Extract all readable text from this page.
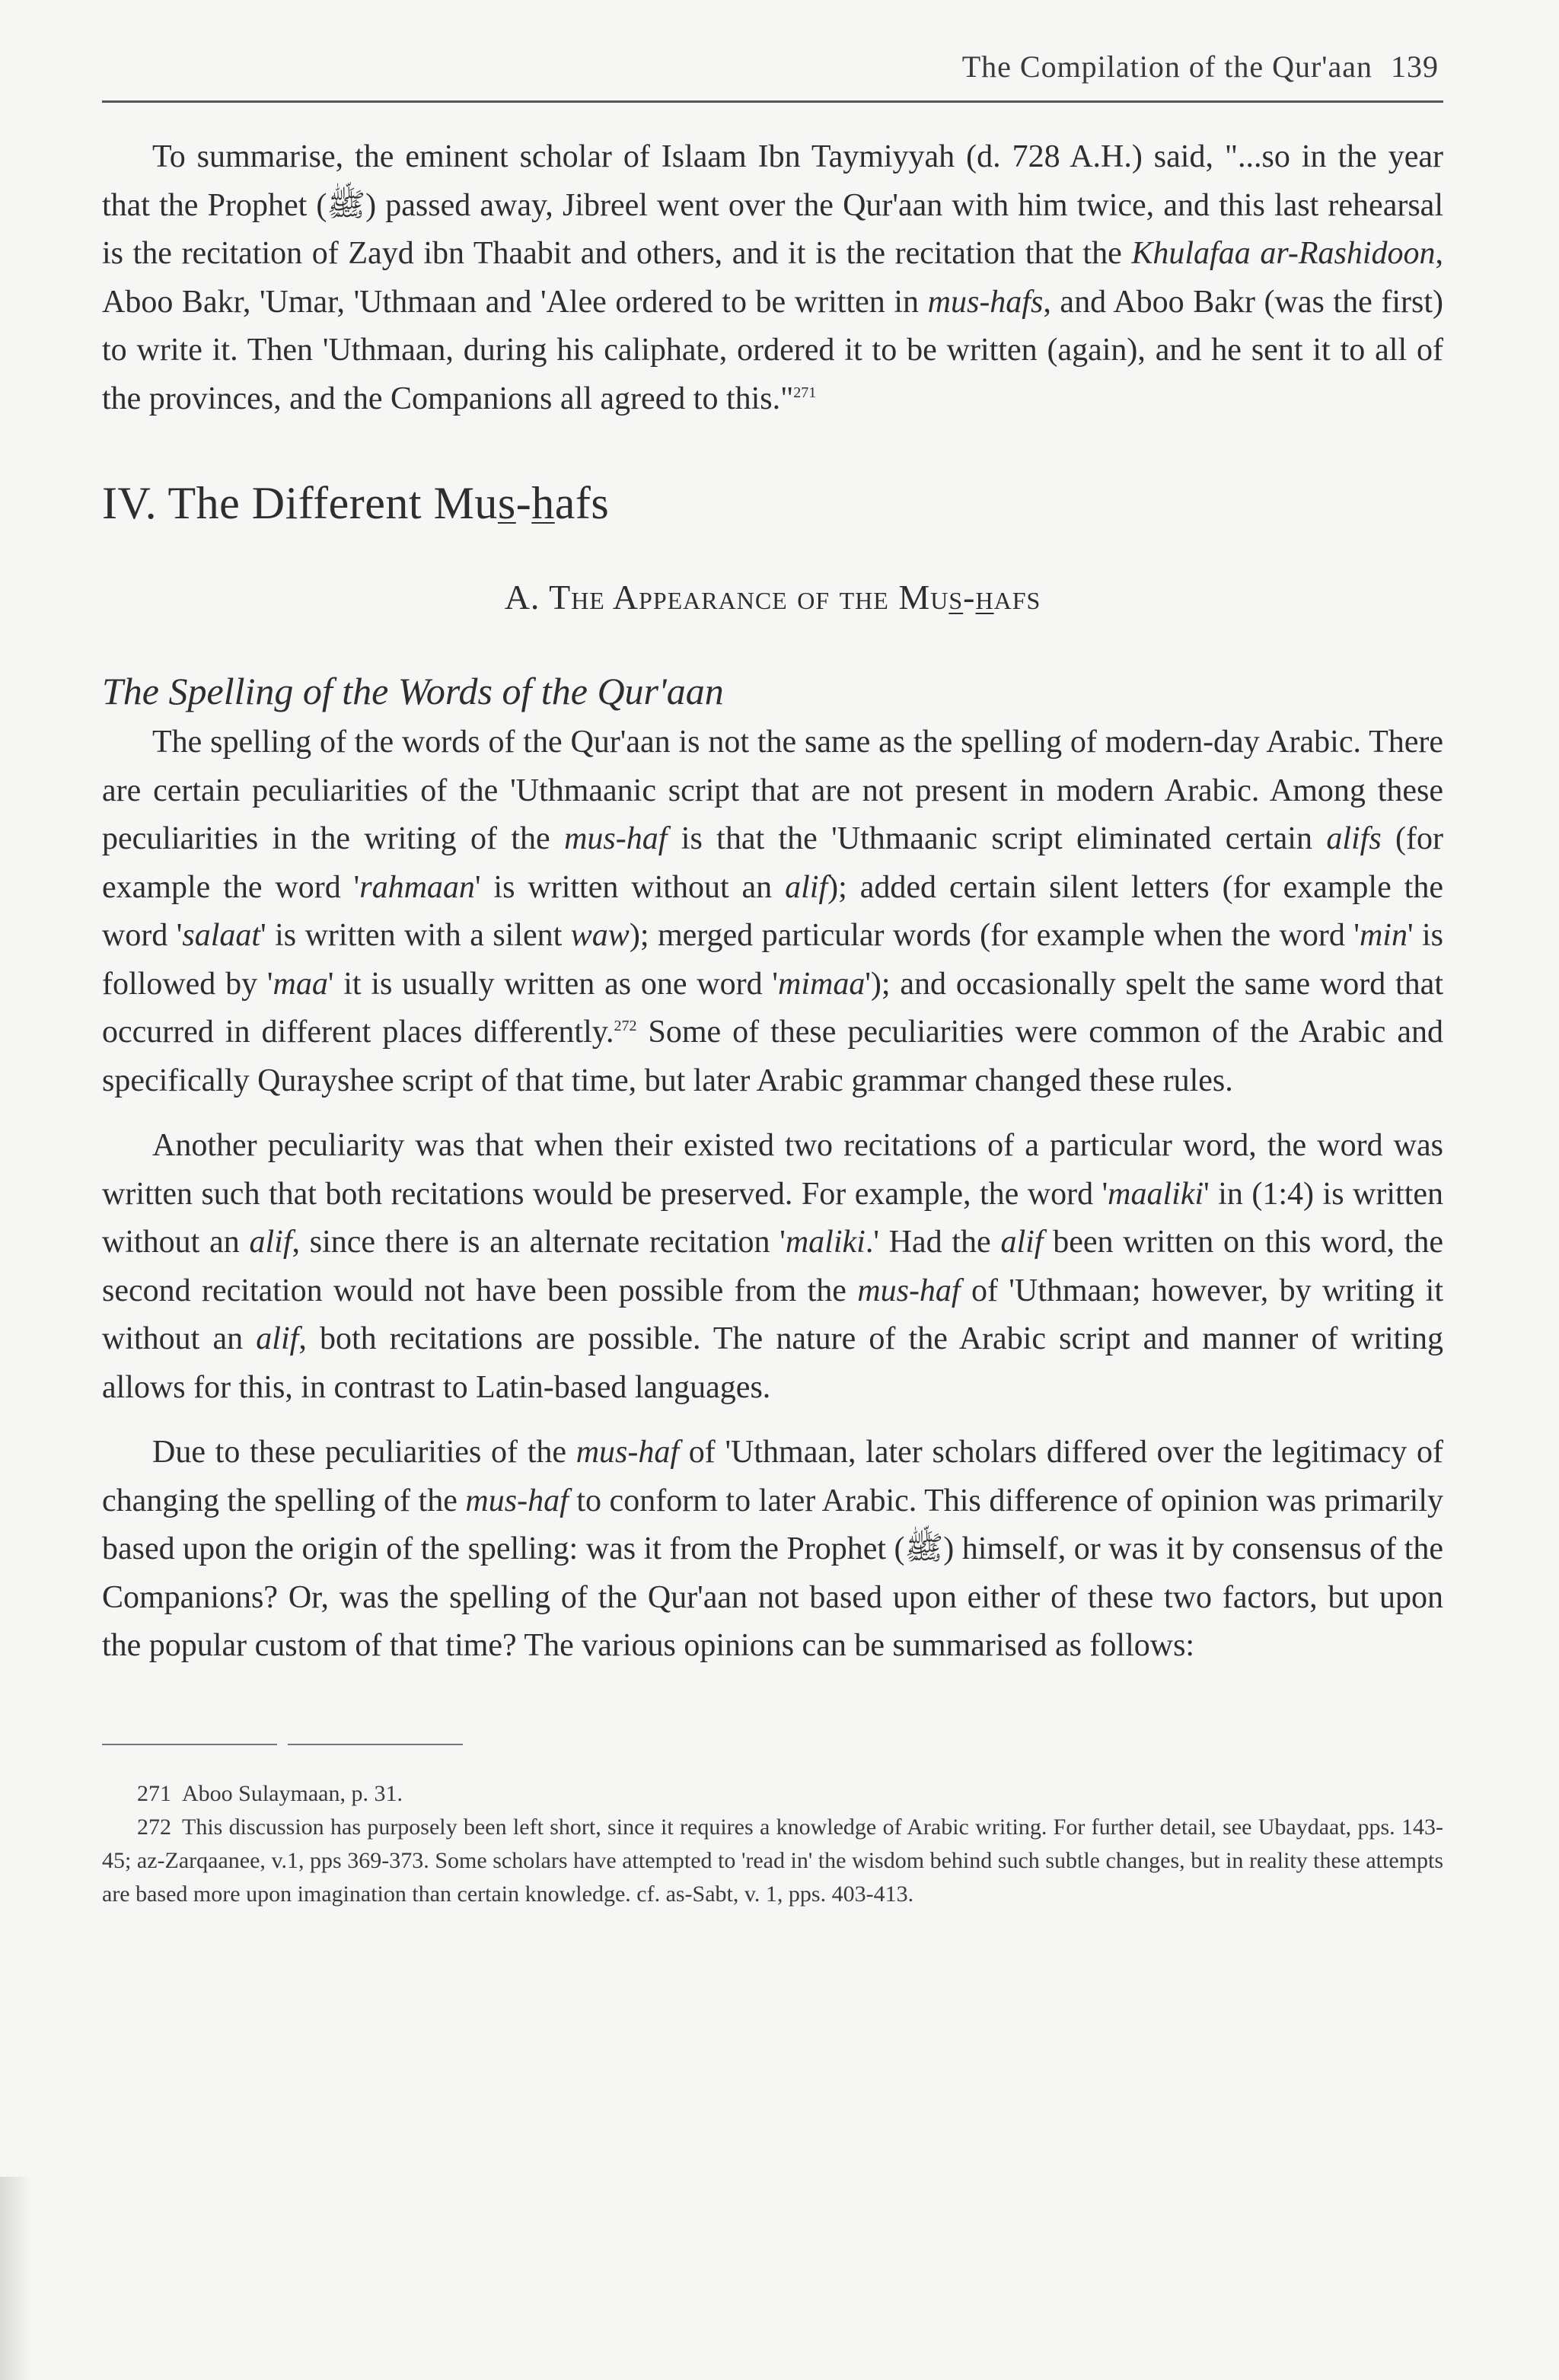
The Compilation of the Qur'aan 139

To summarise, the eminent scholar of Islaam Ibn Taymiyyah (d. 728 A.H.) said, "...so in the year that the Prophet (ﷺ) passed away, Jibreel went over the Qur'aan with him twice, and this last rehearsal is the recitation of Zayd ibn Thaabit and others, and it is the recitation that the Khulafaa ar-Rashidoon, Aboo Bakr, 'Umar, 'Uthmaan and 'Alee ordered to be written in mus-hafs, and Aboo Bakr (was the first) to write it. Then 'Uthmaan, during his caliphate, ordered it to be written (again), and he sent it to all of the provinces, and the Companions all agreed to this."$^{271}$

IV. The Different Mus-hafs
A. The Appearance of the Mus-hafs
The Spelling of the Words of the Qur'aan

The spelling of the words of the Qur'aan is not the same as the spelling of modern-day Arabic. There are certain peculiarities of the 'Uthmaanic script that are not present in modern Arabic. Among these peculiarities in the writing of the mus-haf is that the 'Uthmaanic script eliminated certain alifs (for example the word 'rahmaan' is written without an alif); added certain silent letters (for example the word 'salaat' is written with a silent waw); merged particular words (for example when the word 'min' is followed by 'maa' it is usually written as one word 'mimaa'); and occasionally spelt the same word that occurred in different places differently.$^{272}$ Some of these peculiarities were common of the Arabic and specifically Qurayshee script of that time, but later Arabic grammar changed these rules.

Another peculiarity was that when their existed two recitations of a particular word, the word was written such that both recitations would be preserved. For example, the word 'maaliki' in (1:4) is written without an alif, since there is an alternate recitation 'maliki.' Had the alif been written on this word, the second recitation would not have been possible from the mus-haf of 'Uthmaan; however, by writing it without an alif, both recitations are possible. The nature of the Arabic script and manner of writing allows for this, in contrast to Latin-based languages.

Due to these peculiarities of the mus-haf of 'Uthmaan, later scholars differed over the legitimacy of changing the spelling of the mus-haf to conform to later Arabic. This difference of opinion was primarily based upon the origin of the spelling: was it from the Prophet (ﷺ) himself, or was it by consensus of the Companions? Or, was the spelling of the Qur'aan not based upon either of these two factors, but upon the popular custom of that time? The various opinions can be summarised as follows:

271 Aboo Sulaymaan, p. 31.

272 This discussion has purposely been left short, since it requires a knowledge of Arabic writing. For further detail, see Ubaydaat, pps. 143-45; az-Zarqaanee, v.1, pps 369-373. Some scholars have attempted to 'read in' the wisdom behind such subtle changes, but in reality these attempts are based more upon imagination than certain knowledge. cf. as-Sabt, v. 1, pps. 403-413.
